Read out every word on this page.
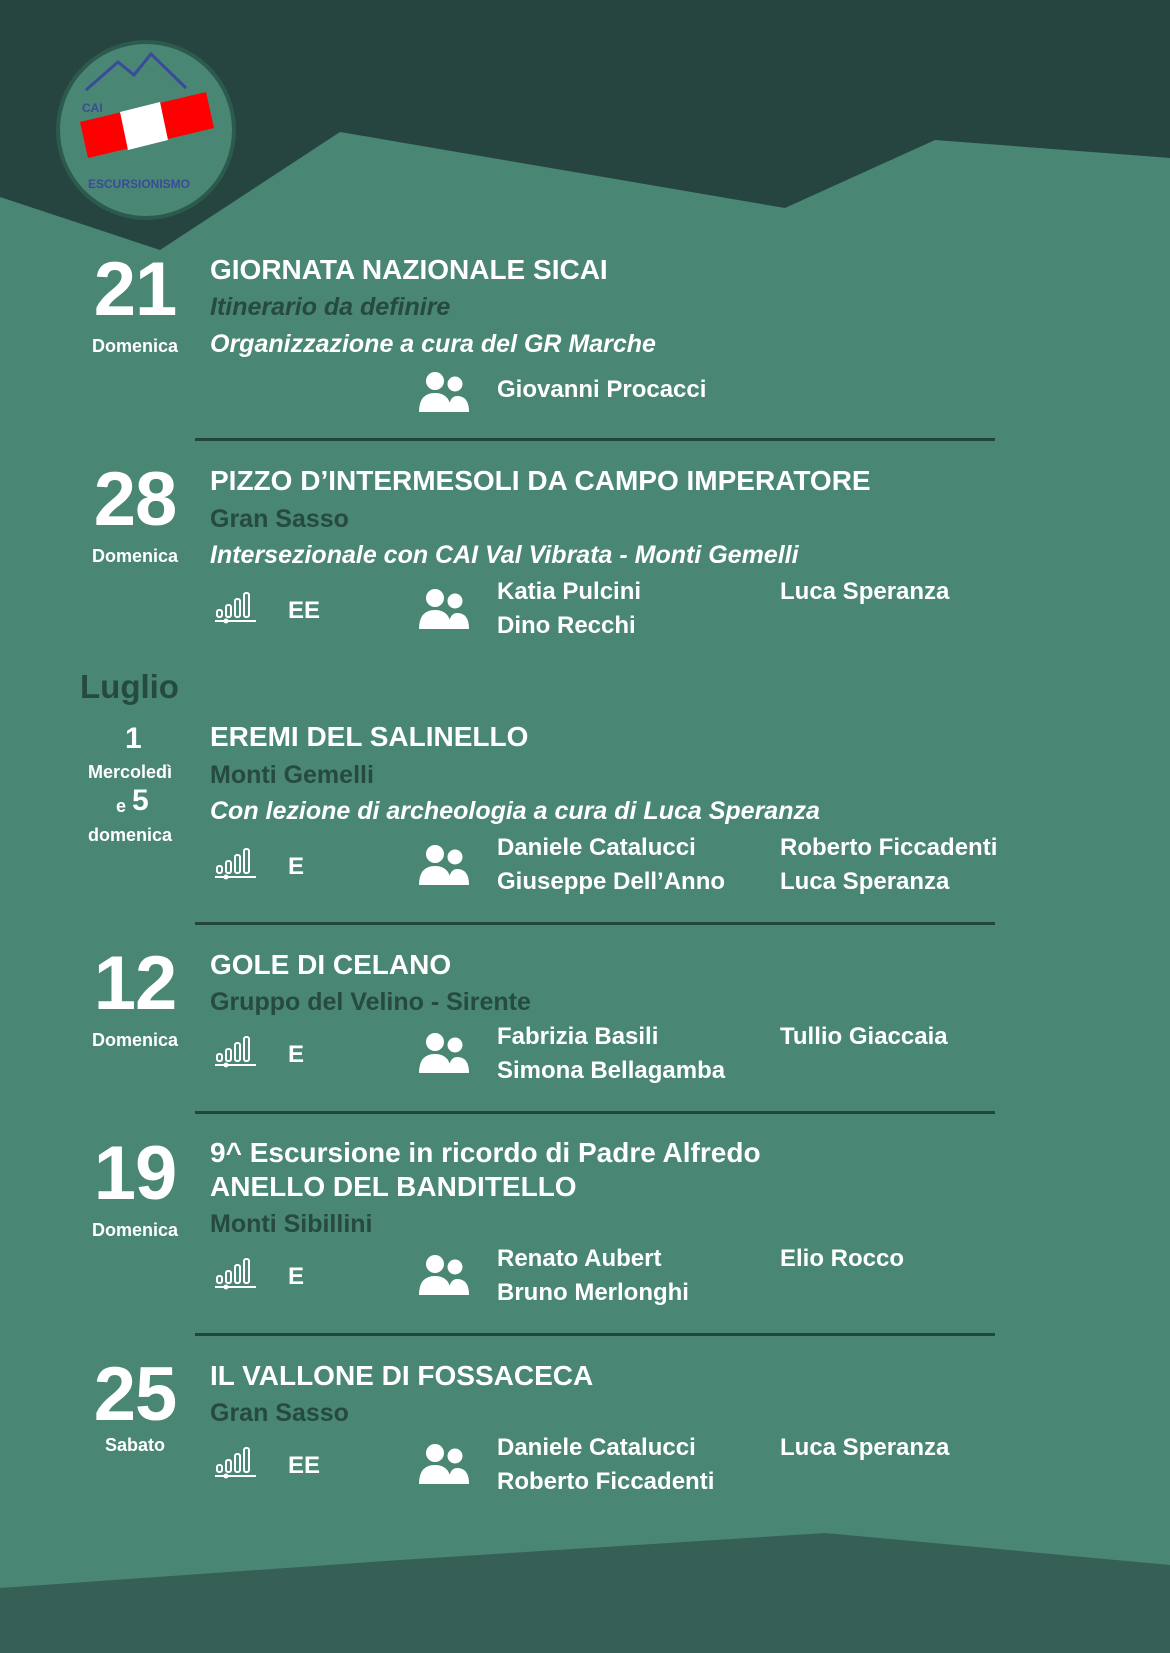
CAI
ESCURSIONISMO
21
Domenica
GIORNATA NAZIONALE SICAI
Itinerario da definire
Organizzazione a cura del GR Marche
Giovanni Procacci
28
Domenica
PIZZO D’INTERMESOLI DA CAMPO IMPERATORE
Gran Sasso
Intersezionale con CAI Val Vibrata - Monti Gemelli
EE
Katia Pulcini
Dino Recchi
Luca Speranza
Luglio
1
Mercoledì
e 5
domenica
EREMI DEL SALINELLO
Monti Gemelli
Con lezione di archeologia a cura di Luca Speranza
E
Daniele Catalucci
Giuseppe Dell’Anno
Roberto Ficcadenti
Luca Speranza
12
Domenica
GOLE DI CELANO
Gruppo del Velino - Sirente
E
Fabrizia Basili
Simona Bellagamba
Tullio Giaccaia
19
Domenica
9^ Escursione in ricordo di Padre Alfredo
ANELLO DEL BANDITELLO
Monti Sibillini
E
Renato Aubert
Bruno Merlonghi
Elio Rocco
25
Sabato
IL VALLONE DI FOSSACECA
Gran Sasso
EE
Daniele Catalucci
Roberto Ficcadenti
Luca Speranza
